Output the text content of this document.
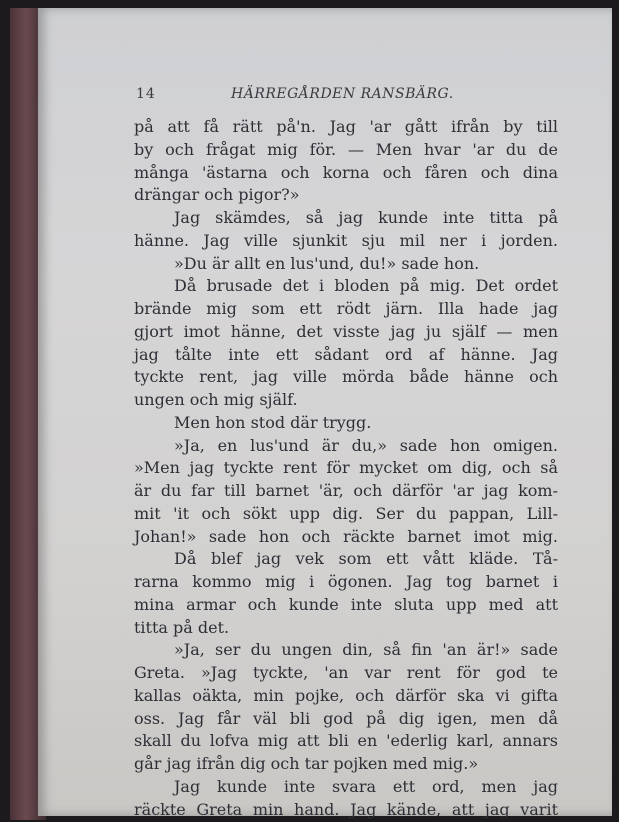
14	HÄRREGÅRDEN RANSBÄRG.
på att få rätt på'n. Jag 'ar gått ifrån by till
by och frågat mig för. — Men hvar 'ar du de
många 'ästarna och korna och fåren och dina
drängar och pigor?»
Jag skämdes, så jag kunde inte titta på
hänne. Jag ville sjunkit sju mil ner i jorden.
»Du är allt en lus'und, du!» sade hon.
Då brusade det i bloden på mig. Det ordet
brände mig som ett rödt järn. Illa hade jag
gjort imot hänne, det visste jag ju själf — men
jag tålte inte ett sådant ord af hänne. Jag
tyckte rent, jag ville mörda både hänne och
ungen och mig själf.
Men hon stod där trygg.
»Ja, en lus'und är du,» sade hon omigen.
»Men jag tyckte rent för mycket om dig, och så
är du far till barnet 'är, och därför 'ar jag kom-
mit 'it och sökt upp dig. Ser du pappan, Lill-
Johan!» sade hon och räckte barnet imot mig.
Då blef jag vek som ett vått kläde. Tå-
rarna kommo mig i ögonen. Jag tog barnet i
mina armar och kunde inte sluta upp med att
titta på det.
»Ja, ser du ungen din, så fin 'an är!» sade
Greta. »Jag tyckte, 'an var rent för god te
kallas oäkta, min pojke, och därför ska vi gifta
oss. Jag får väl bli god på dig igen, men då
skall du lofva mig att bli en 'ederlig karl, annars
går jag ifrån dig och tar pojken med mig.»
Jag kunde inte svara ett ord, men jag
räckte Greta min hand. Jag kände, att jag varit
